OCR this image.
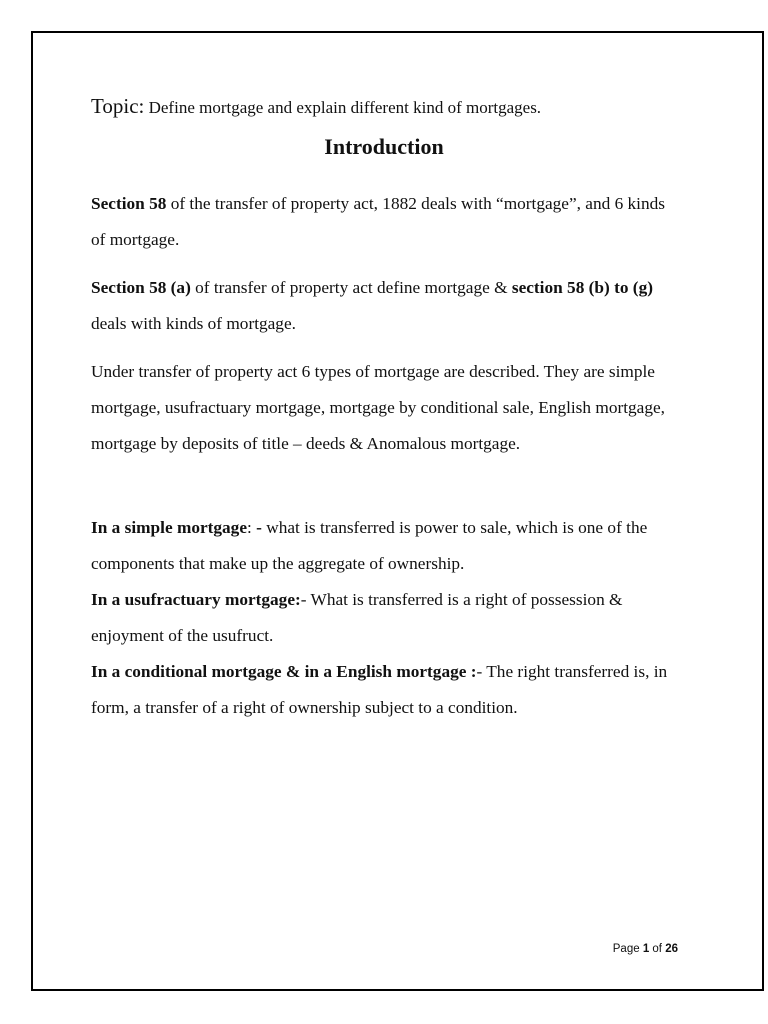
Topic: Define mortgage and explain different kind of mortgages.
Introduction

Section 58 of the transfer of property act, 1882 deals with “mortgage”, and 6 kinds of mortgage.

Section 58 (a) of transfer of property act define mortgage & section 58 (b) to (g) deals with kinds of mortgage.

Under transfer of property act 6 types of mortgage are described. They are simple mortgage, usufractuary mortgage, mortgage by conditional sale, English mortgage, mortgage by deposits of title – deeds & Anomalous mortgage.

In a simple mortgage: - what is transferred is power to sale, which is one of the components that make up the aggregate of ownership.
In a usufractuary mortgage:- What is transferred is a right of possession & enjoyment of the usufruct.
In a conditional mortgage & in a English mortgage :- The right transferred is, in form, a transfer of a right of ownership subject to a condition.

Page 1 of 26
